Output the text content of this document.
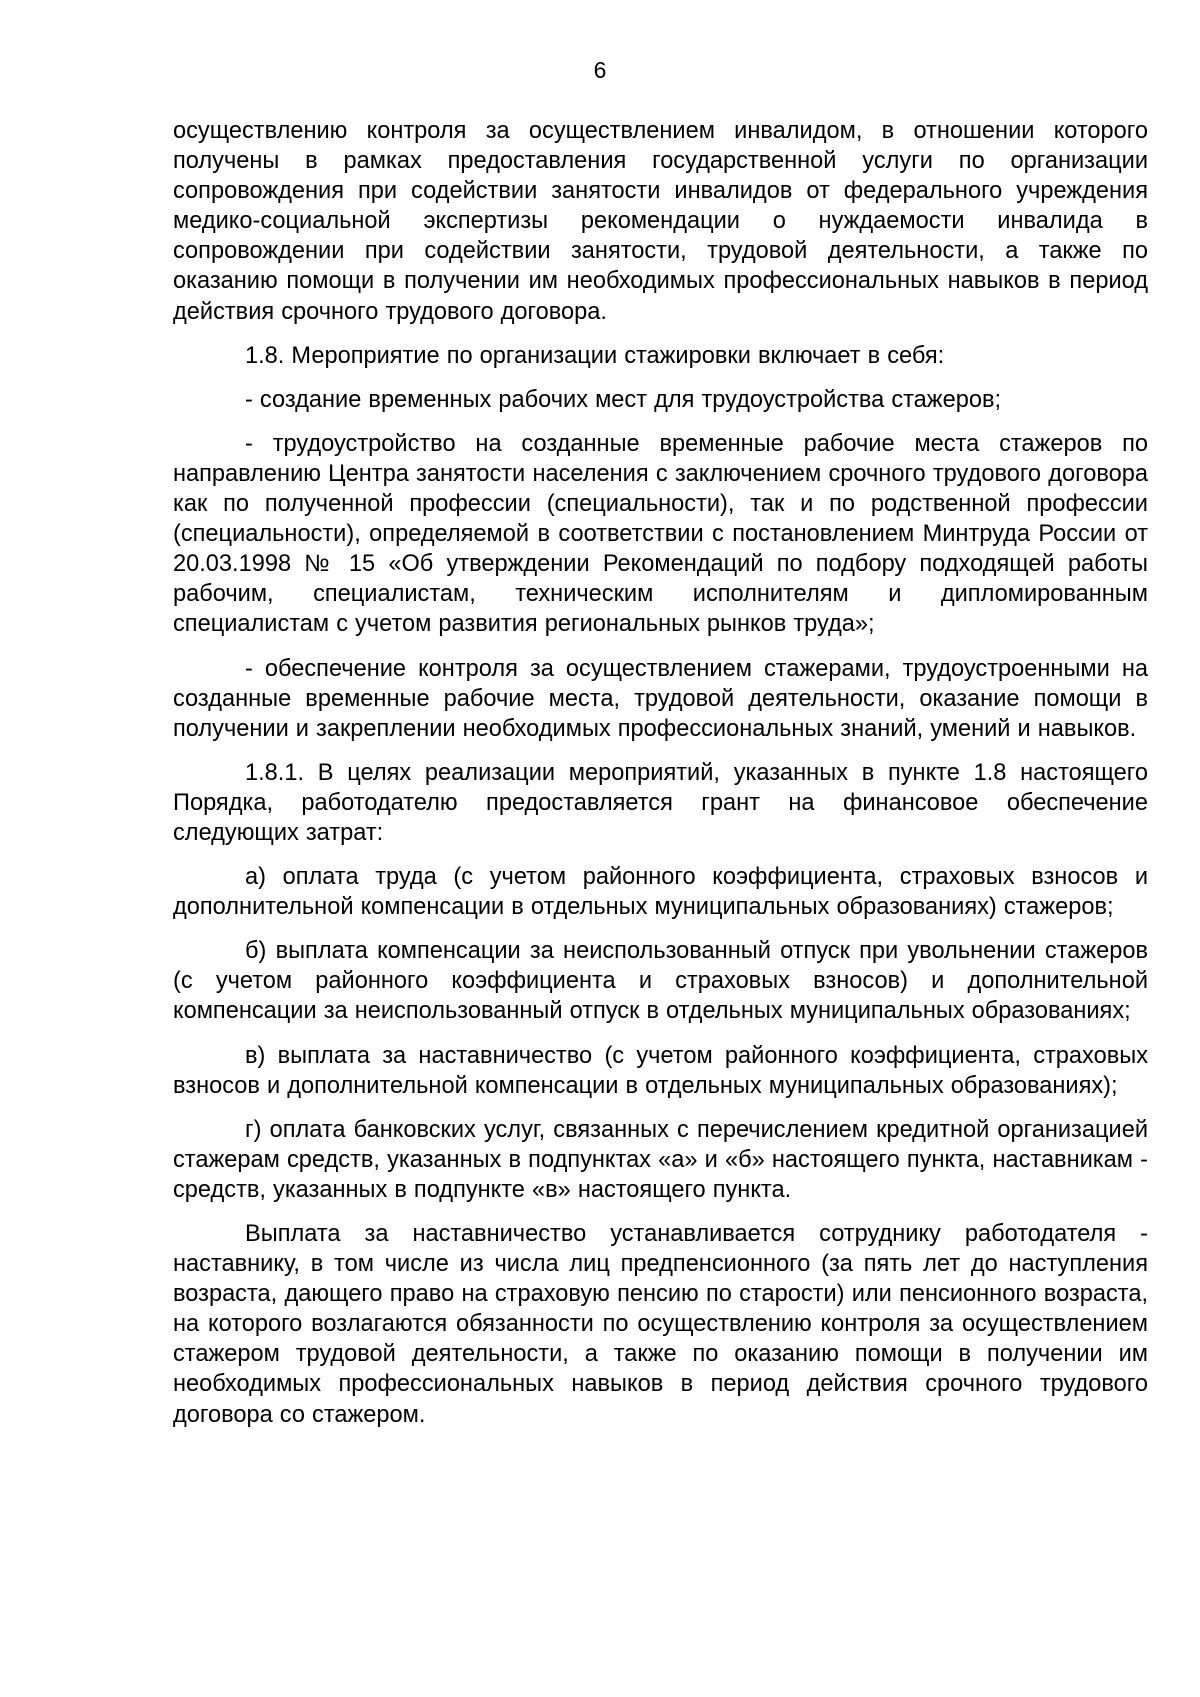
6

осуществлению контроля за осуществлением инвалидом, в отношении которого получены в рамках предоставления государственной услуги по организации сопровождения при содействии занятости инвалидов от федерального учреждения медико-социальной экспертизы рекомендации о нуждаемости инвалида в сопровождении при содействии занятости, трудовой деятельности, а также по оказанию помощи в получении им необходимых профессиональных навыков в период действия срочного трудового договора.

1.8. Мероприятие по организации стажировки включает в себя:

- создание временных рабочих мест для трудоустройства стажеров;

- трудоустройство на созданные временные рабочие места стажеров по направлению Центра занятости населения с заключением срочного трудового договора как по полученной профессии (специальности), так и по родственной профессии (специальности), определяемой в соответствии с постановлением Минтруда России от 20.03.1998 № 15 «Об утверждении Рекомендаций по подбору подходящей работы рабочим, специалистам, техническим исполнителям и дипломированным специалистам с учетом развития региональных рынков труда»;

- обеспечение контроля за осуществлением стажерами, трудоустроенными на созданные временные рабочие места, трудовой деятельности, оказание помощи в получении и закреплении необходимых профессиональных знаний, умений и навыков.

1.8.1. В целях реализации мероприятий, указанных в пункте 1.8 настоящего Порядка, работодателю предоставляется грант на финансовое обеспечение следующих затрат:

а) оплата труда (с учетом районного коэффициента, страховых взносов и дополнительной компенсации в отдельных муниципальных образованиях) стажеров;

б) выплата компенсации за неиспользованный отпуск при увольнении стажеров (с учетом районного коэффициента и страховых взносов) и дополнительной компенсации за неиспользованный отпуск в отдельных муниципальных образованиях;

в) выплата за наставничество (с учетом районного коэффициента, страховых взносов и дополнительной компенсации в отдельных муниципальных образованиях);

г) оплата банковских услуг, связанных с перечислением кредитной организацией стажерам средств, указанных в подпунктах «а» и «б» настоящего пункта, наставникам - средств, указанных в подпункте «в» настоящего пункта.

Выплата за наставничество устанавливается сотруднику работодателя - наставнику, в том числе из числа лиц предпенсионного (за пять лет до наступления возраста, дающего право на страховую пенсию по старости) или пенсионного возраста, на которого возлагаются обязанности по осуществлению контроля за осуществлением стажером трудовой деятельности, а также по оказанию помощи в получении им необходимых профессиональных навыков в период действия срочного трудового договора со стажером.
